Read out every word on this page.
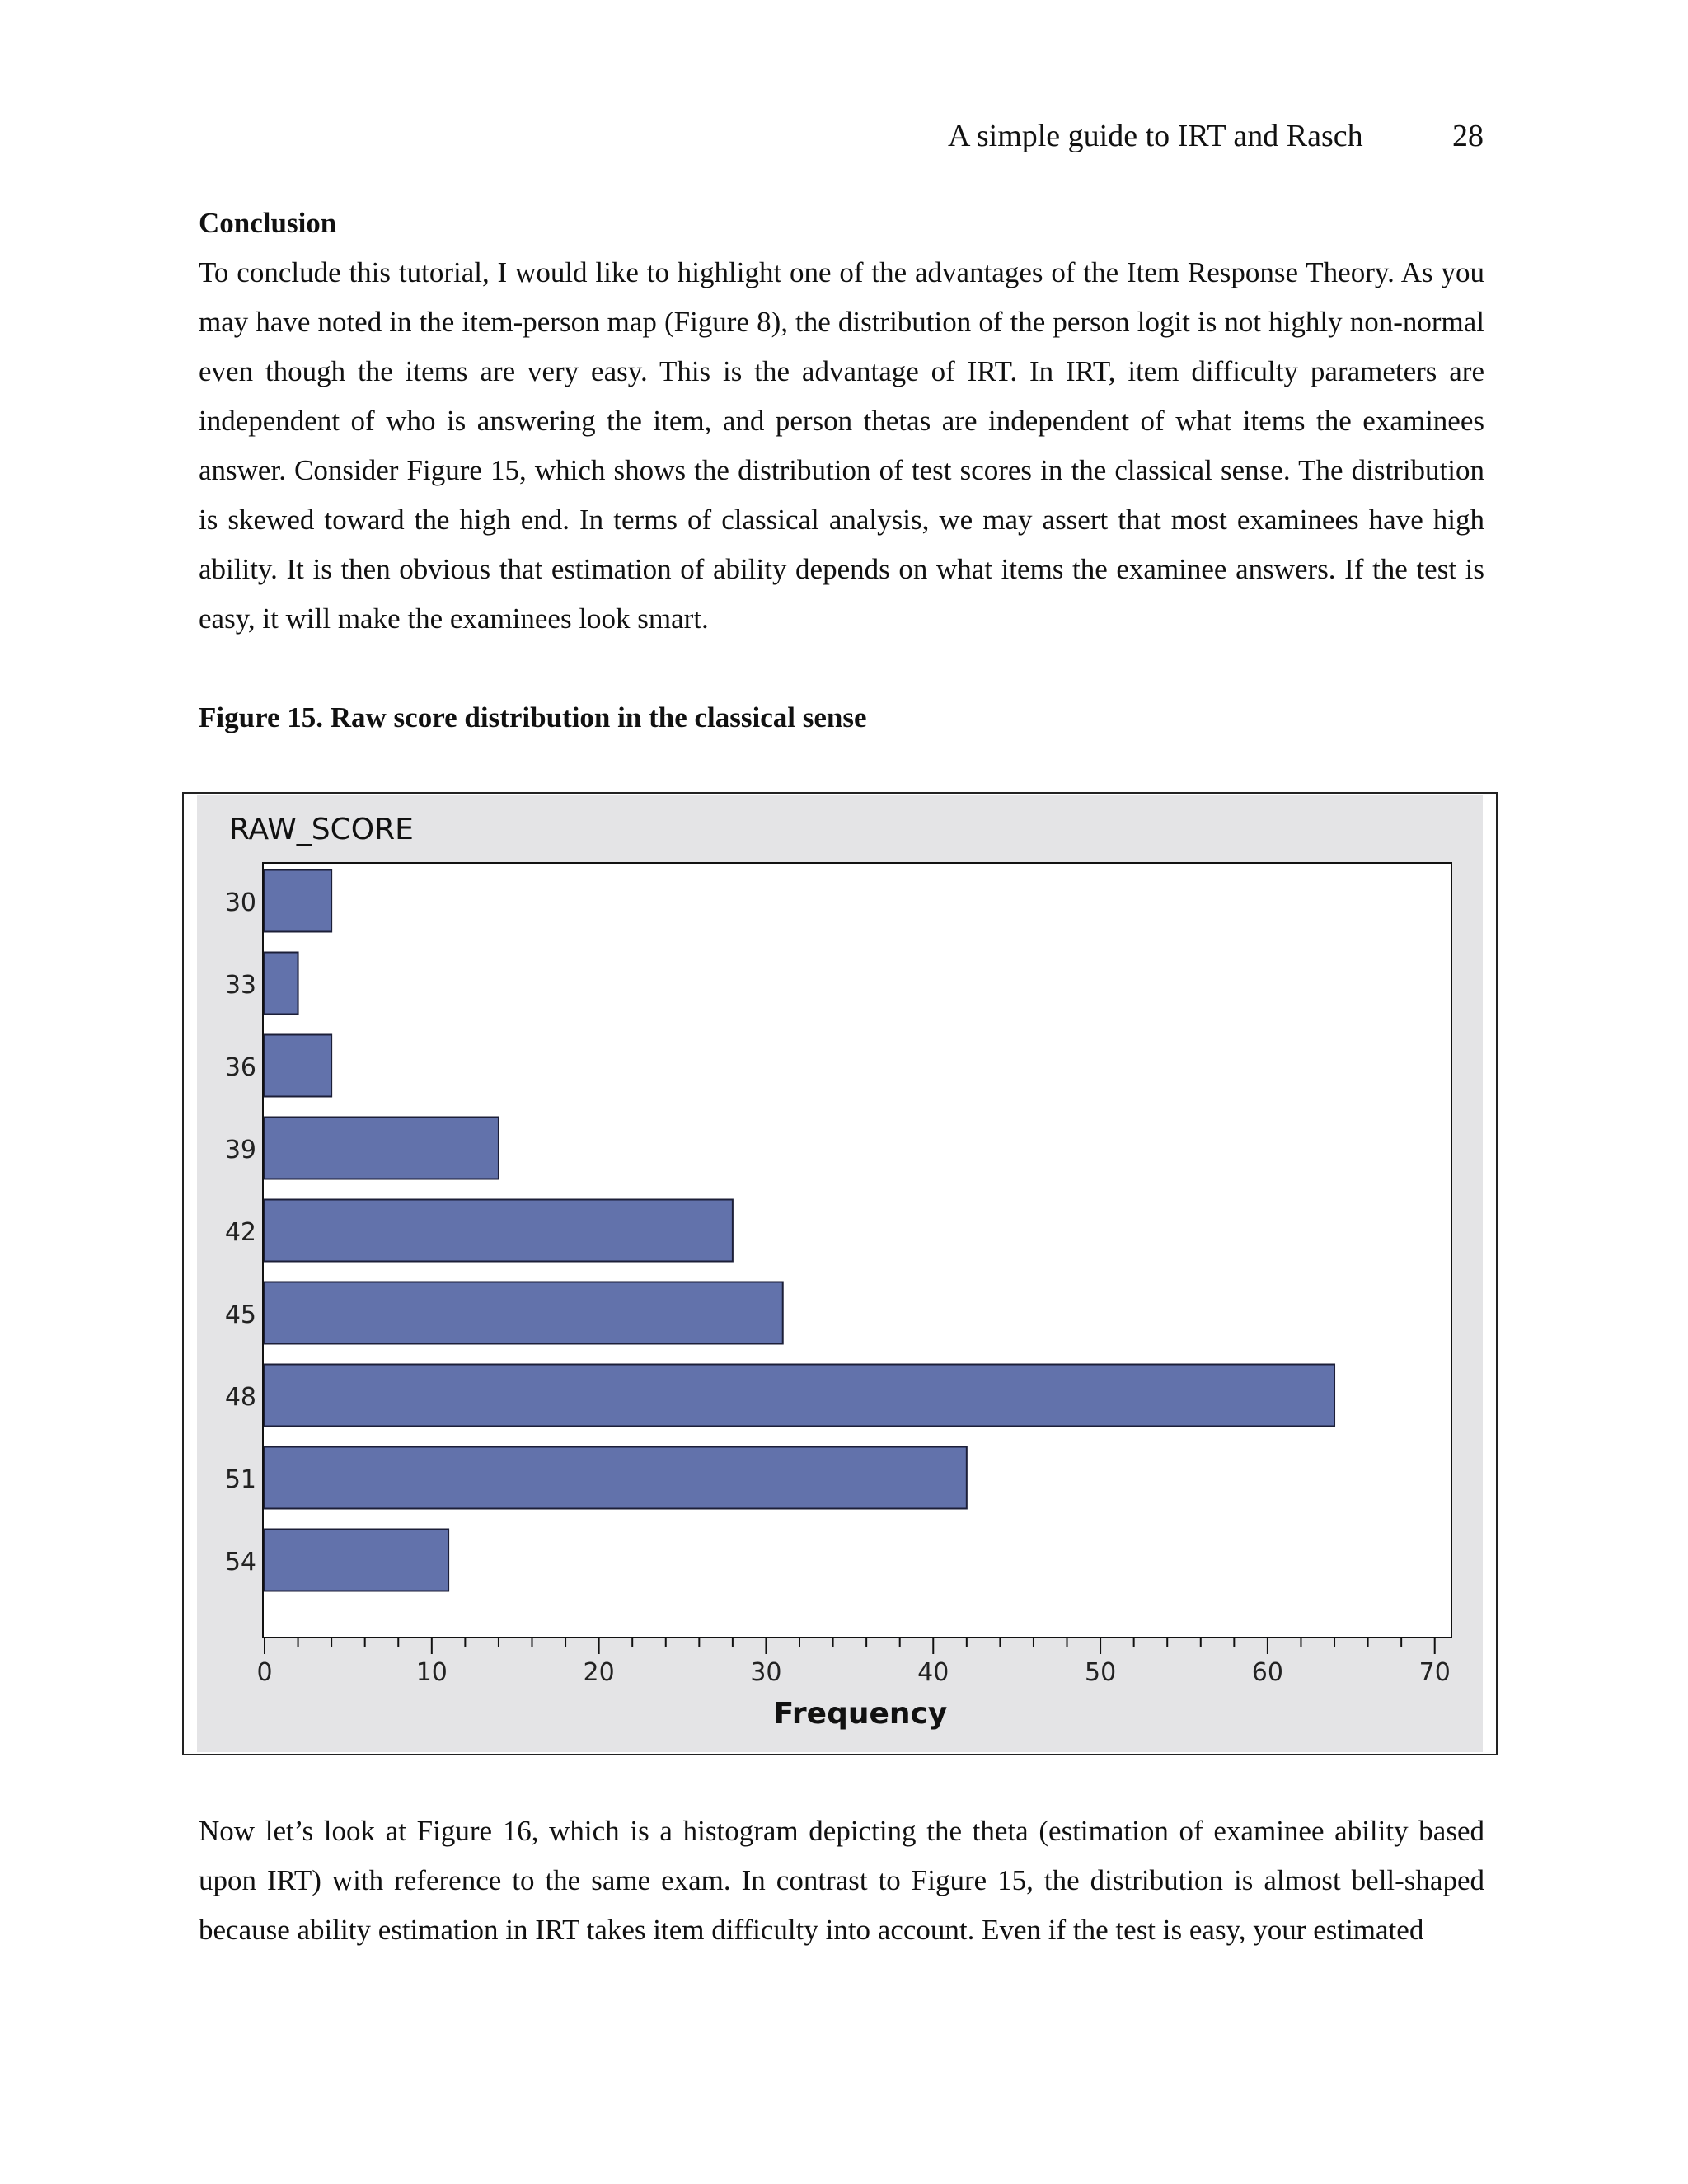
A simple guide to IRT and Rasch	28
Conclusion

To conclude this tutorial, I would like to highlight one of the advantages of the Item Response Theory. As you may have noted in the item-person map (Figure 8), the distribution of the person logit is not highly non-normal even though the items are very easy. This is the advantage of IRT. In IRT, item difficulty parameters are independent of who is answering the item, and person thetas are independent of what items the examinees answer. Consider Figure 15, which shows the distribution of test scores in the classical sense. The distribution is skewed toward the high end. In terms of classical analysis, we may assert that most examinees have high ability. It is then obvious that estimation of ability depends on what items the examinee answers. If the test is easy, it will make the examinees look smart.

Figure 15. Raw score distribution in the classical sense
RAW_SCORE
30
33
36
39
42
45
48
51
54
0	10	20	30	40	50	60	70
Frequency

Now let’s look at Figure 16, which is a histogram depicting the theta (estimation of examinee ability based upon IRT) with reference to the same exam. In contrast to Figure 15, the distribution is almost bell-shaped because ability estimation in IRT takes item difficulty into account. Even if the test is easy, your estimated
